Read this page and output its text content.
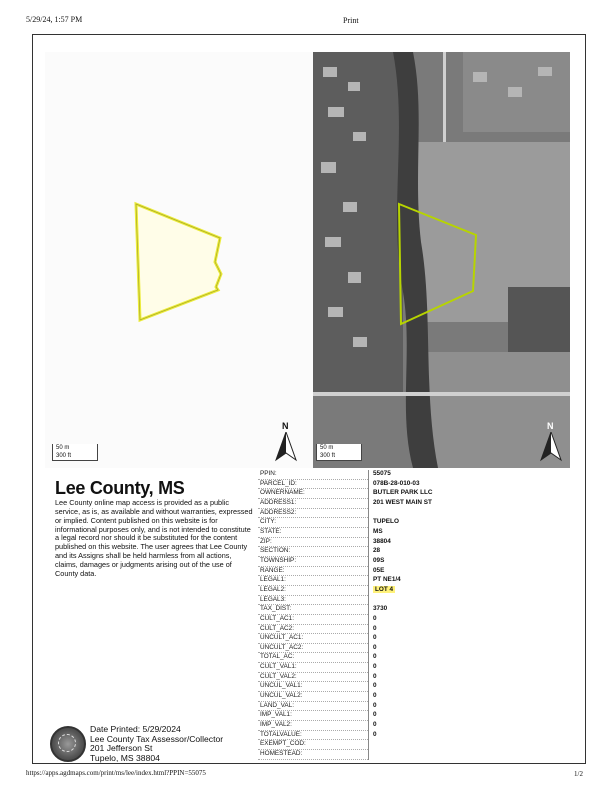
5/29/24, 1:57 PM	Print
50 m
300 ft
N
50 m
300 ft
N
Lee County, MS

Lee County online map access is provided as a public service, as is, as available and without warranties, expressed or implied. Content published on this website is for informational purposes only, and is not intended to constitute a legal record nor should it be substituted for the content published on this website. The user agrees that Lee County and its Assigns shall be held harmless from all actions, claims, damages or judgments arising out of the use of County data.

Date Printed: 5/29/2024
Lee County Tax Assessor/Collector
201 Jefferson St
Tupelo, MS 38804
PPIN:	55075
PARCEL_ID:	078B-28-010-03
OWNERNAME:	BUTLER PARK LLC
ADDRESS1:	201 WEST MAIN ST
ADDRESS2:	
CITY:	TUPELO
STATE:	MS
ZIP:	38804
SECTION:	28
TOWNSHIP:	09S
RANGE:	05E
LEGAL1:	PT NE1/4
LEGAL2:	LOT 4
LEGAL3:	
TAX_DIST:	3730
CULT_AC1:	0
CULT_AC2:	0
UNCULT_AC1:	0
UNCULT_AC2:	0
TOTAL_AC:	0
CULT_VAL1:	0
CULT_VAL2:	0
UNCUL_VAL1:	0
UNCUL_VAL2:	0
LAND_VAL:	0
IMP_VAL1:	0
IMP_VAL2:	0
TOTALVALUE:	0
EXEMPT_COD:	
HOMESTEAD:	
https://apps.agdmaps.com/print/ms/lee/index.html?PPIN=55075	1/2
